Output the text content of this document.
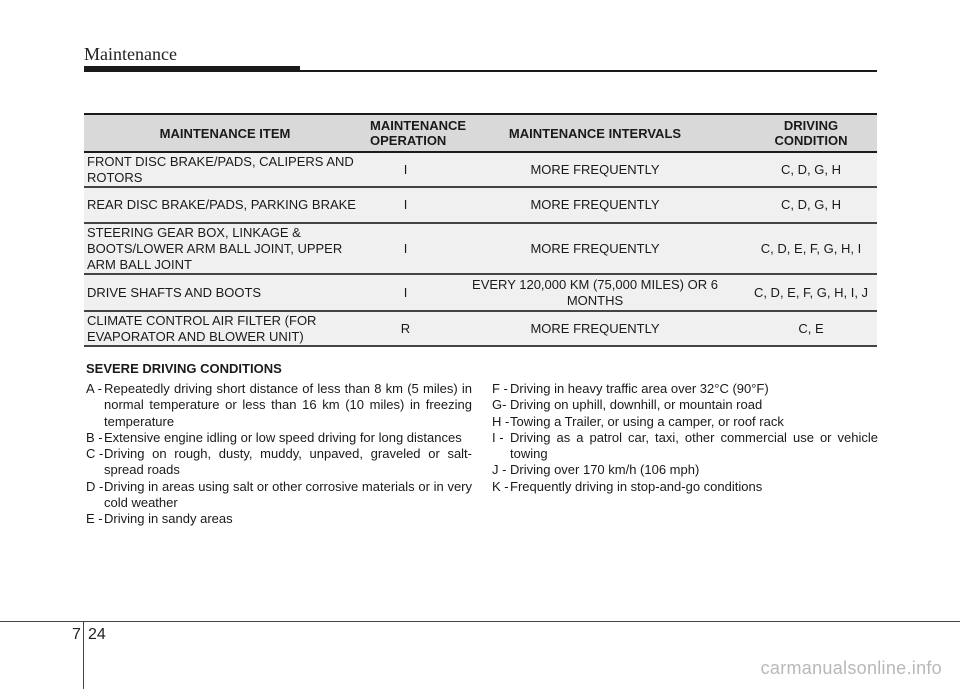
Maintenance
MAINTENANCE ITEM	MAINTENANCE OPERATION	MAINTENANCE INTERVALS	DRIVING CONDITION
FRONT DISC BRAKE/PADS, CALIPERS AND ROTORS	I	MORE FREQUENTLY	C, D, G, H
REAR DISC BRAKE/PADS, PARKING BRAKE	I	MORE FREQUENTLY	C, D, G, H
STEERING GEAR BOX, LINKAGE & BOOTS/LOWER ARM BALL JOINT, UPPER ARM BALL JOINT	I	MORE FREQUENTLY	C, D, E, F, G, H, I
DRIVE SHAFTS AND BOOTS	I	EVERY 120,000 KM (75,000 MILES) OR 6 MONTHS	C, D, E, F, G, H, I, J
CLIMATE CONTROL AIR FILTER (FOR EVAPORATOR AND BLOWER UNIT)	R	MORE FREQUENTLY	C, E
SEVERE DRIVING CONDITIONS
A - Repeatedly driving short distance of less than 8 km (5 miles) in normal temperature or less than 16 km (10 miles) in freezing temperature
B - Extensive engine idling or low speed driving for long distances
C - Driving on rough, dusty, muddy, unpaved, graveled or salt-spread roads
D - Driving in areas using salt or other corrosive materials or in very cold weather
E - Driving in sandy areas
F - Driving in heavy traffic area over 32°C (90°F)
G- Driving on uphill, downhill, or mountain road
H - Towing a Trailer, or using a camper, or roof rack
I - Driving as a patrol car, taxi, other commercial use or vehicle towing
J - Driving over 170 km/h (106 mph)
K - Frequently driving in stop-and-go conditions
7 24
carmanualsonline.info
